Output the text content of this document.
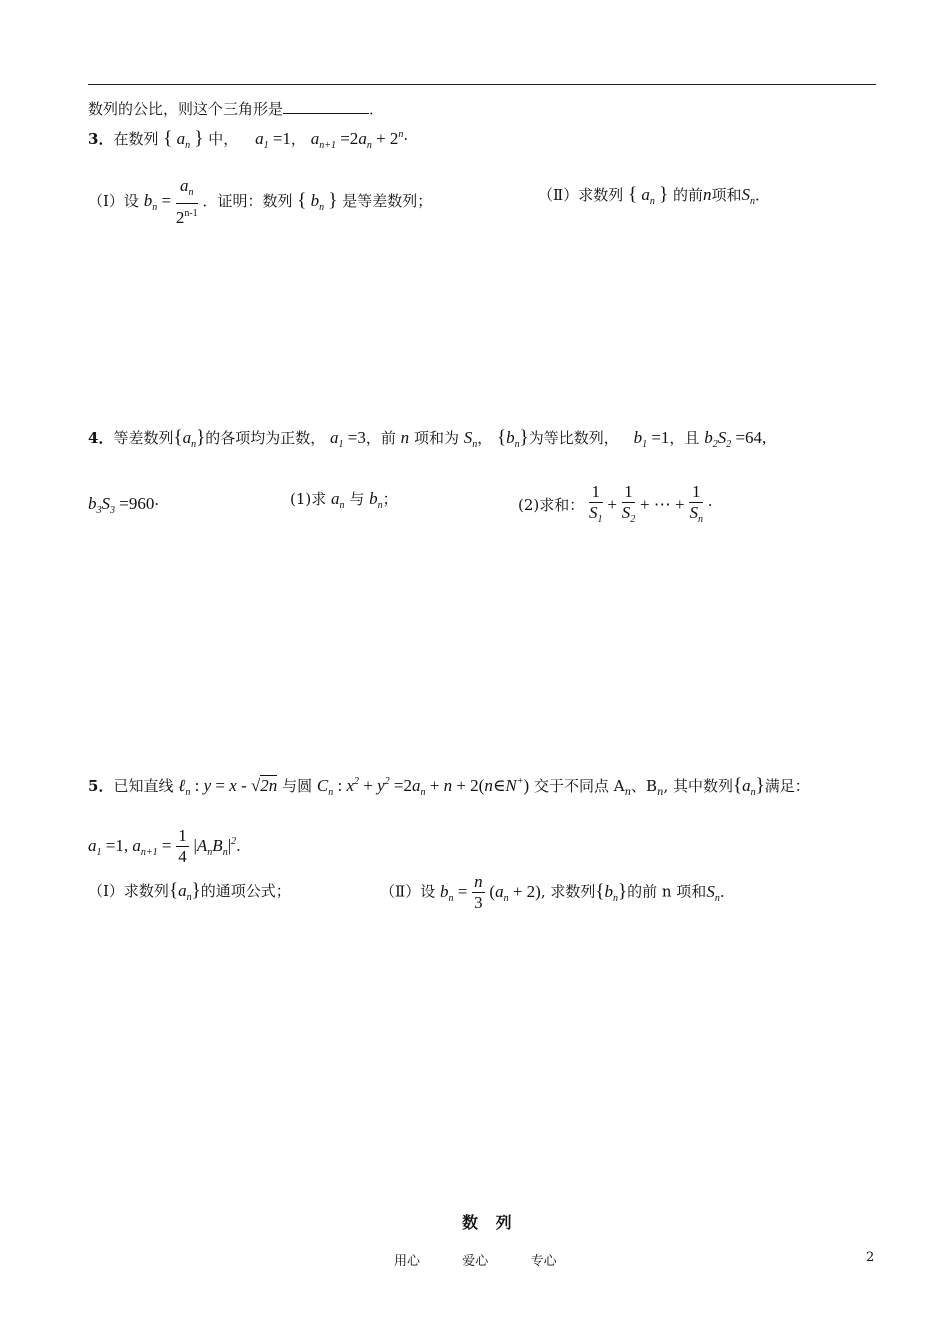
数列的公比，则这个三角形是	．
3．在数列 { $a_n$ } 中， $a_1 =1$， $a_{n+1} =2a_n + 2^n\cdot$
（Ⅰ）设 $b_n = \frac{a_n}{2^{n-1}}$ ．证明：数列 { $b_n$ } 是等差数列；	（Ⅱ）求数列 { $a_n$ } 的前n项和$S_n$．
4．等差数列$\{a_n\}$的各项均为正数， $a_1 =3$，前 n 项和为 $S_n$， $\{b_n\}$为等比数列， $b_1 =1$，且 $b_2S_2 =64$,
$b_3S_3 =960\cdot$	(1)求 $a_n$ 与 $b_n$；	(2)求和： $\frac{1}{S_1} + \frac{1}{S_2}$ + ⋯ + $\frac{1}{S_n}$ ·
5．已知直线 ℓ$_n$ : y = x - √2n 与圆 $C_n$ : $x^2 + y^2 =2a_n + n$ + 2(n∈N+) 交于不同点 $A_n$、$B_n$, 其中数列$\{a_n\}$满足：
$a_1 =1$, $a_{n+1} = \frac{1}{4} |A_nB_n|^2$．
（Ⅰ）求数列$\{a_n\}$的通项公式；	（Ⅱ）设 $b_n = \frac{n}{3} (a_n + 2)$, 求数列$\{b_n\}$的前 n 项和$S_n$．
数 列
用心	爱心	专心	2
